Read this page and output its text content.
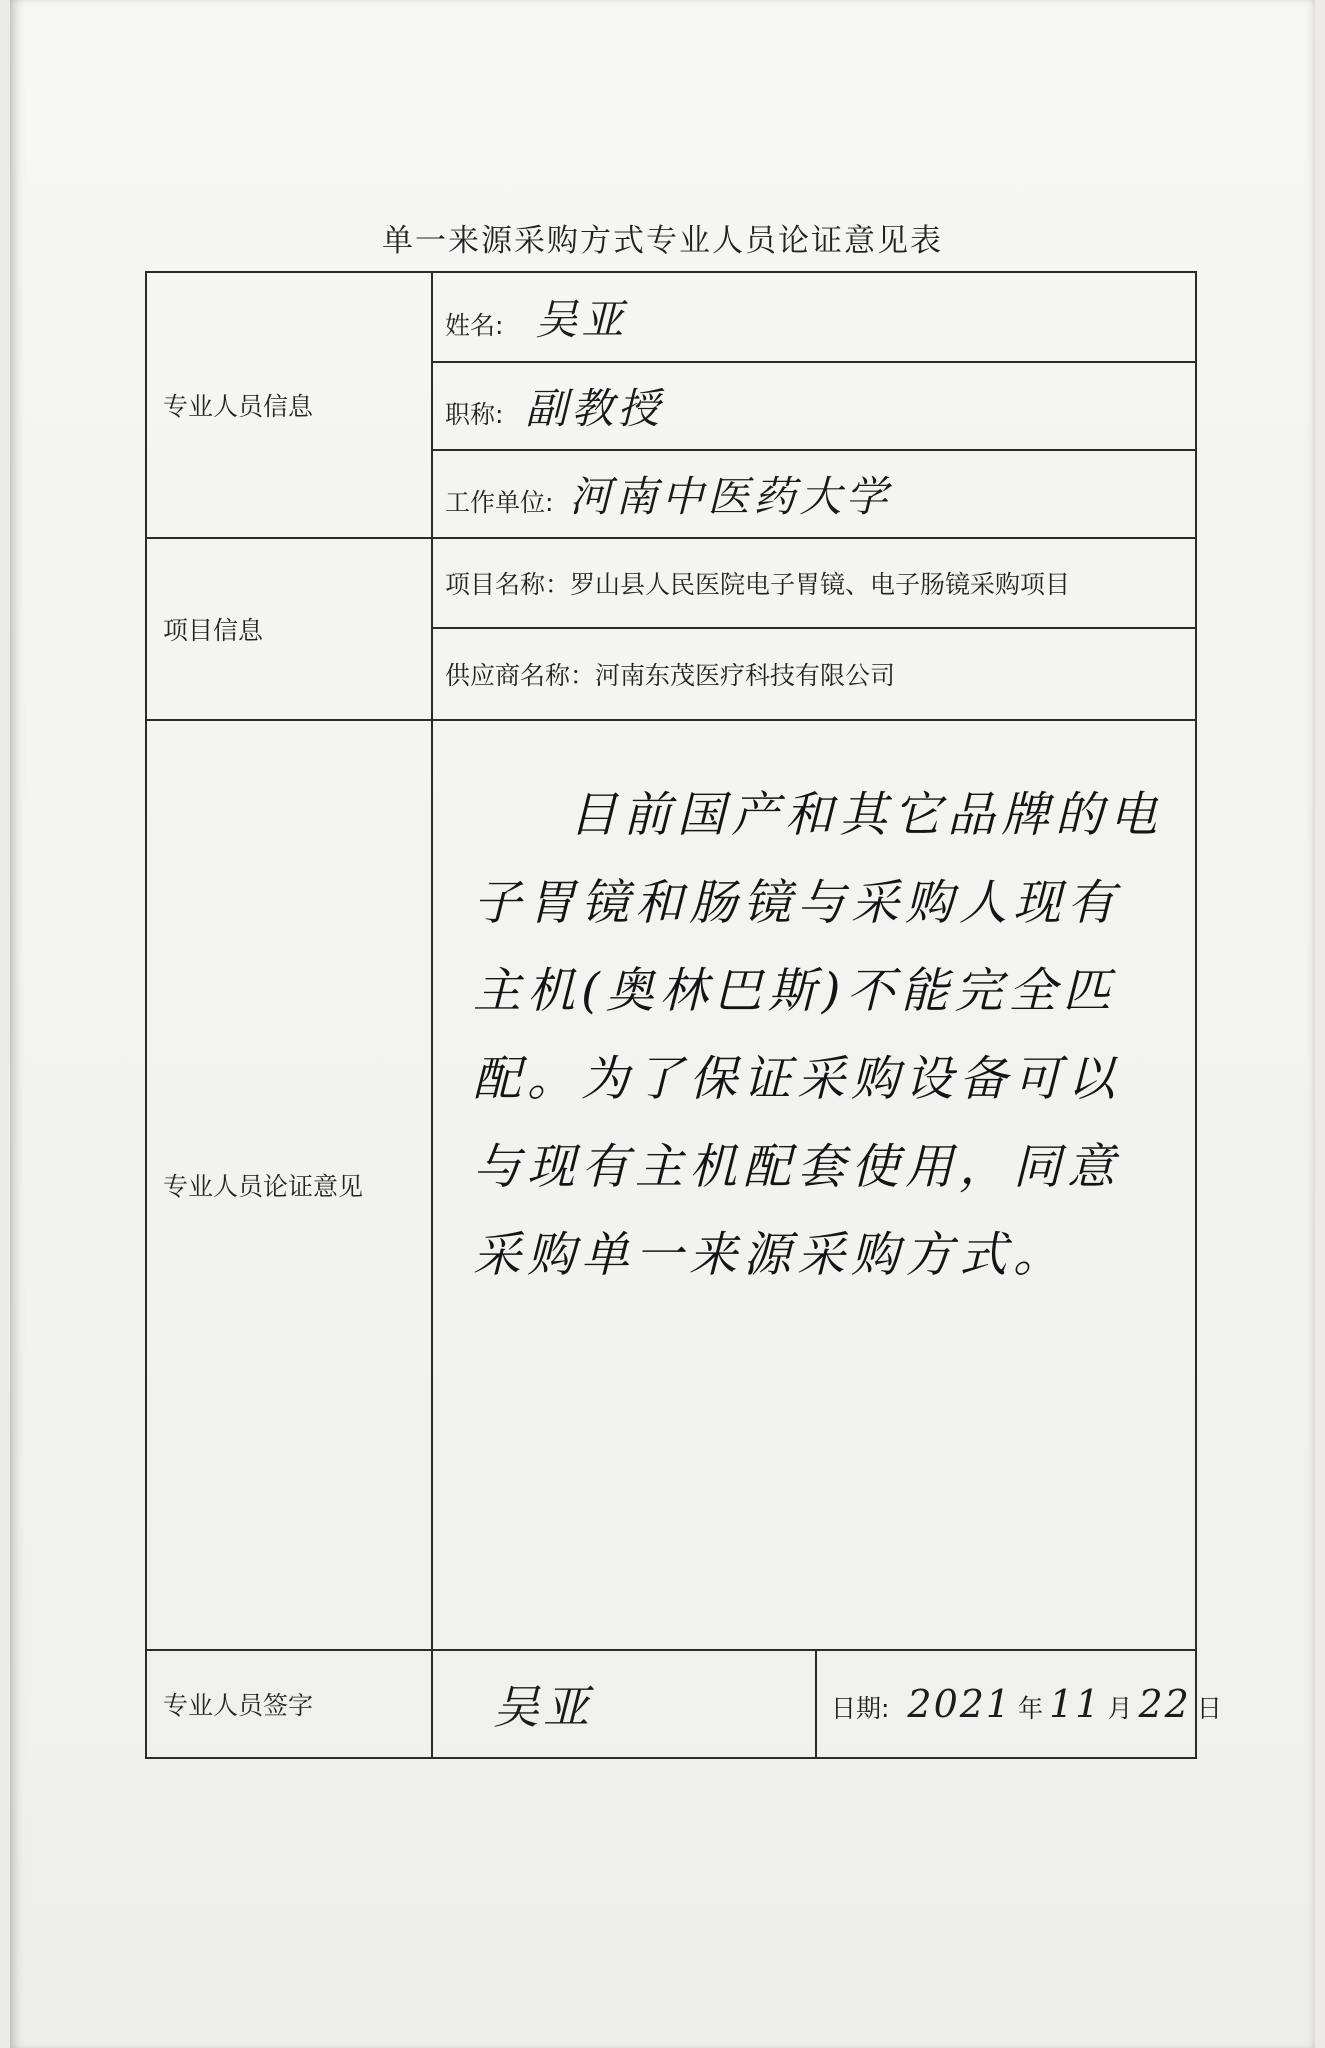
单一来源采购方式专业人员论证意见表
专业人员信息	姓名: 吴亚	
	职称: 副教授	
	工作单位: 河南中医药大学	
项目信息	项目名称：罗山县人民医院电子胃镜、电子肠镜采购项目	
	供应商名称：河南东茂医疗科技有限公司	
专业人员论证意见	目前国产和其它品牌的电子胃镜和肠镜与采购人现有主机(奥林巴斯)不能完全匹配。为了保证采购设备可以与现有主机配套使用，同意采购单一来源采购方式。	
专业人员签字	吴亚	日期: 2021 年 11 月 22 日
